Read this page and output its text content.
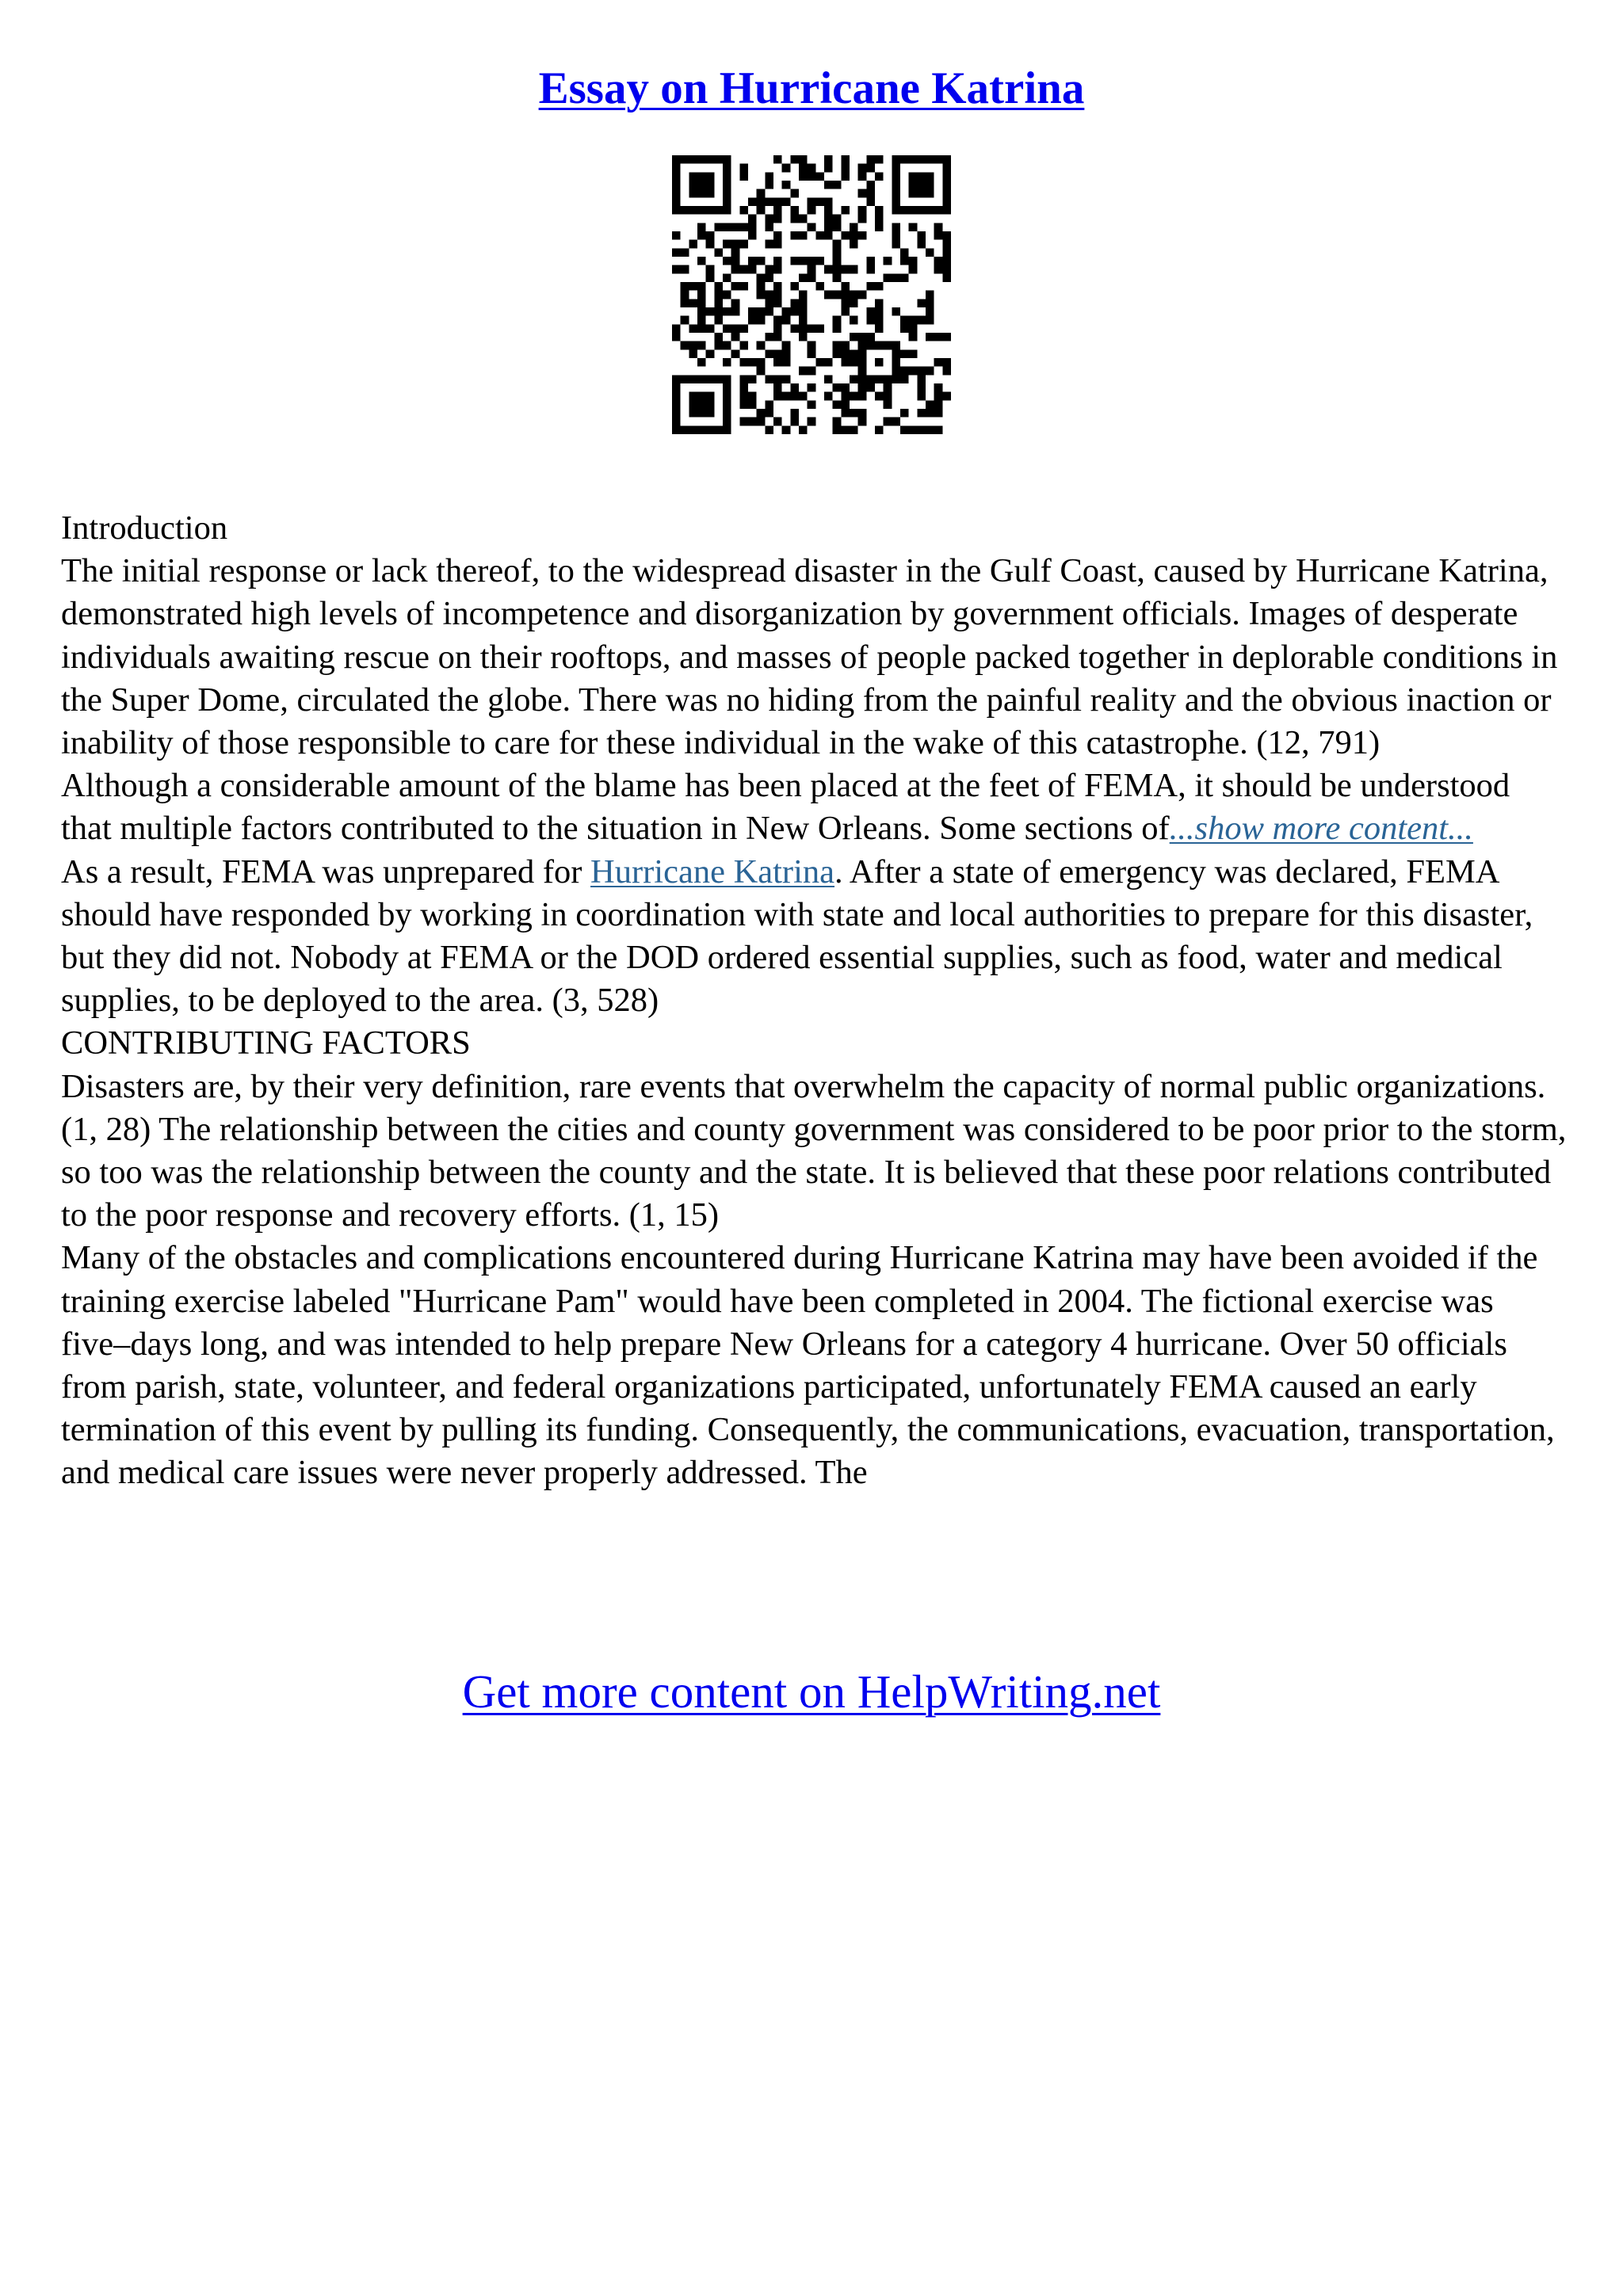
Essay on Hurricane Katrina

Introduction

The initial response or lack thereof, to the widespread disaster in the Gulf Coast, caused by Hurricane Katrina, demonstrated high levels of incompetence and disorganization by government officials. Images of desperate individuals awaiting rescue on their rooftops, and masses of people packed together in deplorable conditions in the Super Dome, circulated the globe. There was no hiding from the painful reality and the obvious inaction or inability of those responsible to care for these individual in the wake of this catastrophe. (12, 791)

Although a considerable amount of the blame has been placed at the feet of FEMA, it should be understood that multiple factors contributed to the situation in New Orleans. Some sections of...show more content...

As a result, FEMA was unprepared for Hurricane Katrina. After a state of emergency was declared, FEMA should have responded by working in coordination with state and local authorities to prepare for this disaster, but they did not. Nobody at FEMA or the DOD ordered essential supplies, such as food, water and medical supplies, to be deployed to the area. (3, 528)

CONTRIBUTING FACTORS

Disasters are, by their very definition, rare events that overwhelm the capacity of normal public organizations. (1, 28) The relationship between the cities and county government was considered to be poor prior to the storm, so too was the relationship between the county and the state. It is believed that these poor relations contributed to the poor response and recovery efforts. (1, 15)

Many of the obstacles and complications encountered during Hurricane Katrina may have been avoided if the training exercise labeled "Hurricane Pam" would have been completed in 2004. The fictional exercise was five–days long, and was intended to help prepare New Orleans for a category 4 hurricane. Over 50 officials from parish, state, volunteer, and federal organizations participated, unfortunately FEMA caused an early termination of this event by pulling its funding. Consequently, the communications, evacuation, transportation, and medical care issues were never properly addressed. The

Get more content on HelpWriting.net
